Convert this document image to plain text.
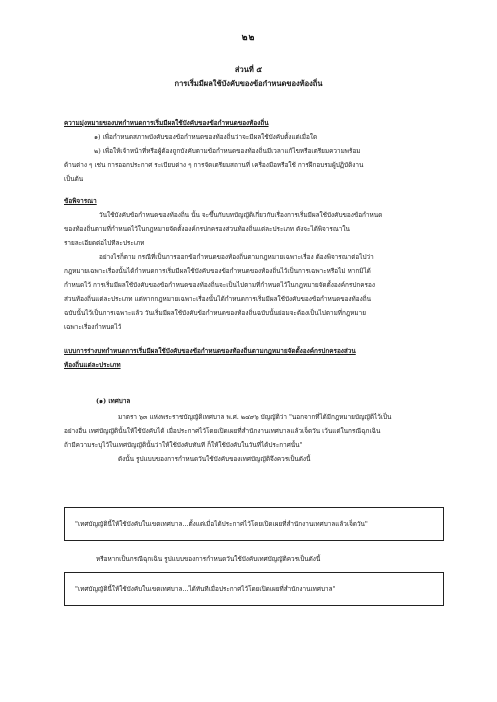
๒๒
ส่วนที่ ๕
การเริ่มมีผลใช้บังคับของข้อกำหนดของท้องถิ่น
ความมุ่งหมายของบทกำหนดการเริ่มมีผลใช้บังคับของข้อกำหนดของท้องถิ่น
๑) เพื่อกำหนดสภาพบังคับของข้อกำหนดของท้องถิ่นว่าจะมีผลใช้บังคับตั้งแต่เมื่อใด
๒) เพื่อให้เจ้าหน้าที่หรือผู้ต้องถูกบังคับตามข้อกำหนดของท้องถิ่นมีเวลาแก้ไขหรือเตรียมความพร้อม
ด้านต่าง ๆ เช่น การออกประกาศ ระเบียบต่าง ๆ การจัดเตรียมสถานที่ เครื่องมือหรือใช้ การฝึกอบรมผู้ปฏิบัติงาน
เป็นต้น
ข้อพิจารณา
วันใช้บังคับข้อกำหนดของท้องถิ่น นั้น จะขึ้นกับบทบัญญัติเกี่ยวกับเรื่องการเริ่มมีผลใช้บังคับของข้อกำหนด
ของท้องถิ่นตามที่กำหนดไว้ในกฎหมายจัดตั้งองค์กรปกครองส่วนท้องถิ่นแต่ละประเภท ดังจะได้พิจารณาใน
รายละเอียดต่อไปทีละประเภท
อย่างไรก็ตาม กรณีที่เป็นการออกข้อกำหนดของท้องถิ่นตามกฎหมายเฉพาะเรื่อง ต้องพิจารณาต่อไปว่า
กฎหมายเฉพาะเรื่องนั้นได้กำหนดการเริ่มมีผลใช้บังคับของข้อกำหนดของท้องถิ่นไว้เป็นการเฉพาะหรือไม่ หากมิได้
กำหนดไว้ การเริ่มมีผลใช้บังคับของข้อกำหนดของท้องถิ่นจะเป็นไปตามที่กำหนดไว้ในกฎหมายจัดตั้งองค์กรปกครอง
ส่วนท้องถิ่นแต่ละประเภท แต่หากกฎหมายเฉพาะเรื่องนั้นได้กำหนดการเริ่มมีผลใช้บังคับของข้อกำหนดของท้องถิ่น
ฉบับนั้นไว้เป็นการเฉพาะแล้ว วันเริ่มมีผลใช้บังคับข้อกำหนดของท้องถิ่นฉบับนั้นย่อมจะต้องเป็นไปตามที่กฎหมาย
เฉพาะเรื่องกำหนดไว้
แบบการร่างบทกำหนดการเริ่มมีผลใช้บังคับของข้อกำหนดของท้องถิ่นตามกฎหมายจัดตั้งองค์กรปกครองส่วน
ท้องถิ่นแต่ละประเภท
(๑) เทศบาล
มาตรา ๖๓ แห่งพระราชบัญญัติเทศบาล พ.ศ. ๒๔๙๖ บัญญัติว่า "นอกจากที่ได้มีกฎหมายบัญญัติไว้เป็น
อย่างอื่น เทศบัญญัตินั้นให้ใช้บังคับได้ เมื่อประกาศไว้โดยเปิดเผยที่สำนักงานเทศบาลแล้วเจ็ดวัน เว้นแต่ในกรณีฉุกเฉิน
ถ้ามีความระบุไว้ในเทศบัญญัตินั้นว่าให้ใช้บังคับทันที ก็ให้ใช้บังคับในวันที่ได้ประกาศนั้น"
ดังนั้น รูปแบบของการกำหนดวันใช้บังคับของเทศบัญญัติจึงควรเป็นดังนี้
"เทศบัญญัตินี้ให้ใช้บังคับในเขตเทศบาล...ตั้งแต่เมื่อได้ประกาศไว้โดยเปิดเผยที่สำนักงานเทศบาลแล้วเจ็ดวัน"
หรือหากเป็นกรณีฉุกเฉิน รูปแบบของการกำหนดวันใช้บังคับเทศบัญญัติควรเป็นดังนี้
"เทศบัญญัตินี้ให้ใช้บังคับในเขตเทศบาล...ได้ทันทีเมื่อประกาศไว้โดยเปิดเผยที่สำนักงานเทศบาล"
